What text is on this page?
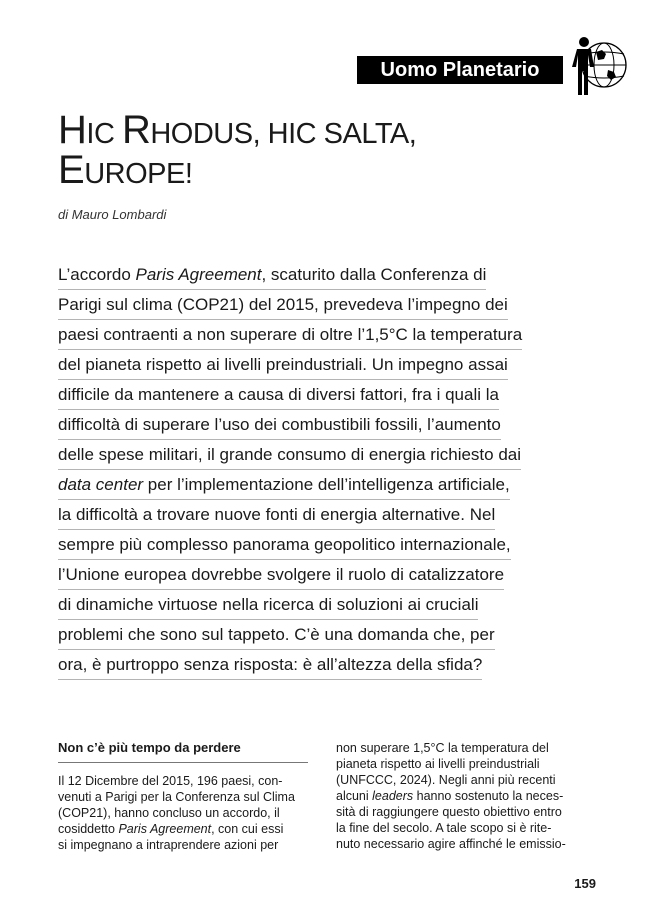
Uomo Planetario
HIC RHODUS, HIC SALTA,
EUROPE!
di Mauro Lombardi
L’accordo Paris Agreement, scaturito dalla Conferenza di
Parigi sul clima (COP21) del 2015, prevedeva l’impegno dei
paesi contraenti a non superare di oltre l’1,5°C la temperatura
del pianeta rispetto ai livelli preindustriali. Un impegno assai
difficile da mantenere a causa di diversi fattori, fra i quali la
difficoltà di superare l’uso dei combustibili fossili, l’aumento
delle spese militari, il grande consumo di energia richiesto dai
data center per l’implementazione dell’intelligenza artificiale,
la difficoltà a trovare nuove fonti di energia alternative. Nel
sempre più complesso panorama geopolitico internazionale,
l’Unione europea dovrebbe svolgere il ruolo di catalizzatore
di dinamiche virtuose nella ricerca di soluzioni ai cruciali
problemi che sono sul tappeto. C’è una domanda che, per
ora, è purtroppo senza risposta: è all’altezza della sfida?
Non c’è più tempo da perdere
Il 12 Dicembre del 2015, 196 paesi, con-
venuti a Parigi per la Conferenza sul Clima
(COP21), hanno concluso un accordo, il
cosiddetto Paris Agreement, con cui essi
si impegnano a intraprendere azioni per
non superare 1,5°C la temperatura del
pianeta rispetto ai livelli preindustriali
(UNFCCC, 2024). Negli anni più recenti
alcuni leaders hanno sostenuto la neces-
sità di raggiungere questo obiettivo entro
la fine del secolo. A tale scopo si è rite-
nuto necessario agire affinché le emissio-
159
